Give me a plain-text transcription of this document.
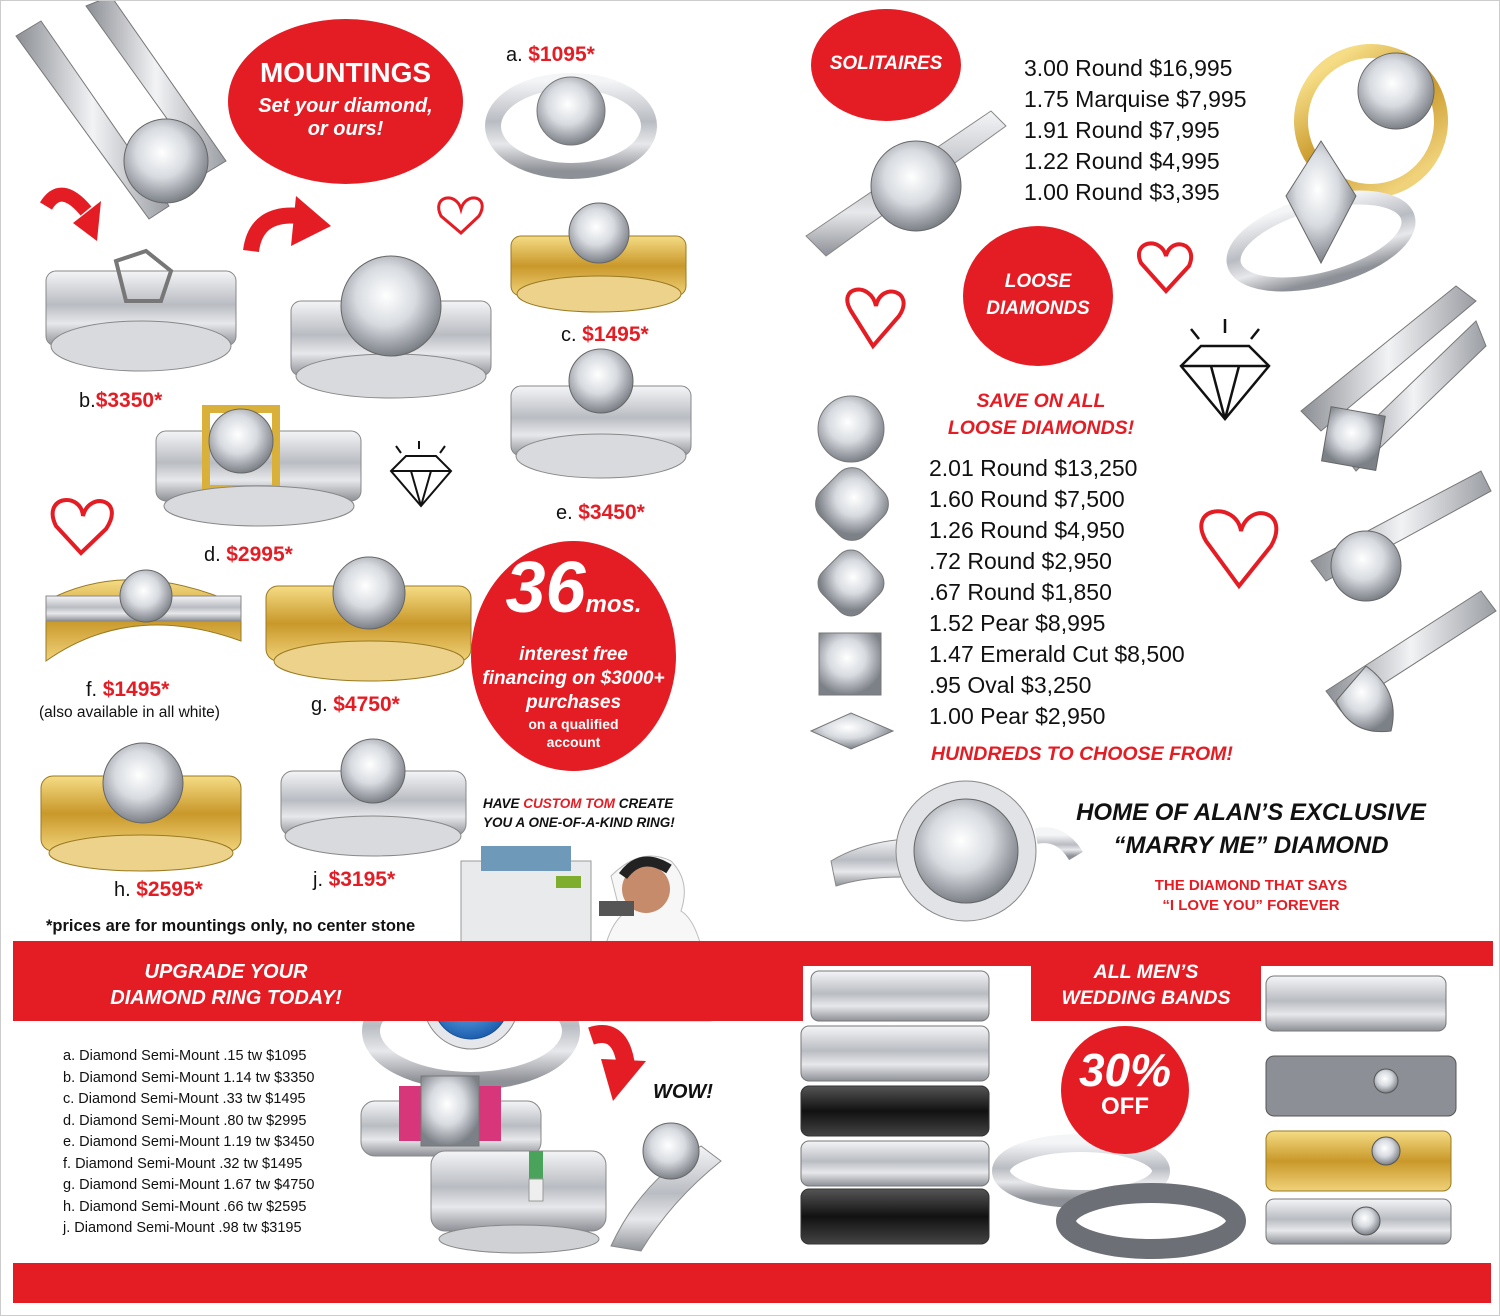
MOUNTINGS
Set your diamond,
or ours!
a. $1095*
b.$3350*
c. $1495*
d. $2995*
e. $3450*
f. $1495*
(also available in all white)	g. $4750*
h. $2595*	j. $3195*
*prices are for mountings only, no center stone
36mos.
interest free
financing on $3000+
purchases
on a qualified
account
HAVE CUSTOM TOM CREATE
YOU A ONE-OF-A-KIND RING!
UPGRADE YOUR
DIAMOND RING TODAY!
a. Diamond Semi-Mount .15 tw $1095
b. Diamond Semi-Mount 1.14 tw $3350
c. Diamond Semi-Mount .33 tw $1495
d. Diamond Semi-Mount .80 tw $2995
e. Diamond Semi-Mount 1.19 tw $3450
f. Diamond Semi-Mount .32 tw $1495
g. Diamond Semi-Mount 1.67 tw $4750
h. Diamond Semi-Mount .66 tw $2595
j. Diamond Semi-Mount .98 tw $3195
WOW!
SOLITAIRES	3.00 Round $16,995
1.75 Marquise $7,995
1.91 Round $7,995
1.22 Round $4,995
1.00 Round $3,395
LOOSE
DIAMONDS
SAVE ON ALL
LOOSE DIAMONDS!
2.01 Round $13,250
1.60 Round $7,500
1.26 Round $4,950
.72 Round $2,950
.67 Round $1,850
1.52 Pear $8,995
1.47 Emerald Cut $8,500
.95 Oval $3,250
1.00 Pear $2,950
HUNDREDS TO CHOOSE FROM!
HOME OF ALAN’S EXCLUSIVE
“MARRY ME” DIAMOND
THE DIAMOND THAT SAYS
“I LOVE YOU” FOREVER
ALL MEN’S
WEDDING BANDS
30%
OFF
